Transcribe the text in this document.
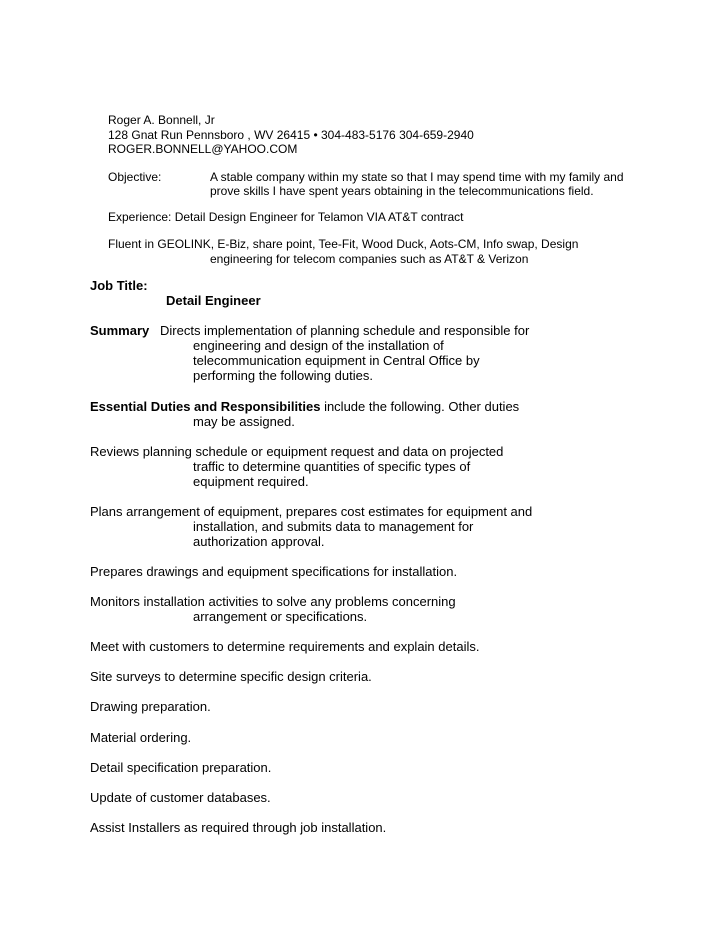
Roger A. Bonnell, Jr
128 Gnat Run Pennsboro , WV 26415 • 304-483-5176 304-659-2940
ROGER.BONNELL@YAHOO.COM
Objective:	A stable company within my state so that I may spend time with my family and
prove skills I have spent years obtaining in the telecommunications field.
Experience: Detail Design Engineer for Telamon VIA AT&T contract
Fluent in GEOLINK, E-Biz, share point, Tee-Fit, Wood Duck, Aots-CM, Info swap, Design
engineering for telecom companies such as AT&T & Verizon
Job Title:
Detail Engineer
Summary Directs implementation of planning schedule and responsible for
engineering and design of the installation of
telecommunication equipment in Central Office by
performing the following duties.
Essential Duties and Responsibilities include the following. Other duties
may be assigned.
Reviews planning schedule or equipment request and data on projected
traffic to determine quantities of specific types of
equipment required.
Plans arrangement of equipment, prepares cost estimates for equipment and
installation, and submits data to management for
authorization approval.
Prepares drawings and equipment specifications for installation.
Monitors installation activities to solve any problems concerning
arrangement or specifications.
Meet with customers to determine requirements and explain details.
Site surveys to determine specific design criteria.
Drawing preparation.
Material ordering.
Detail specification preparation.
Update of customer databases.
Assist Installers as required through job installation.
